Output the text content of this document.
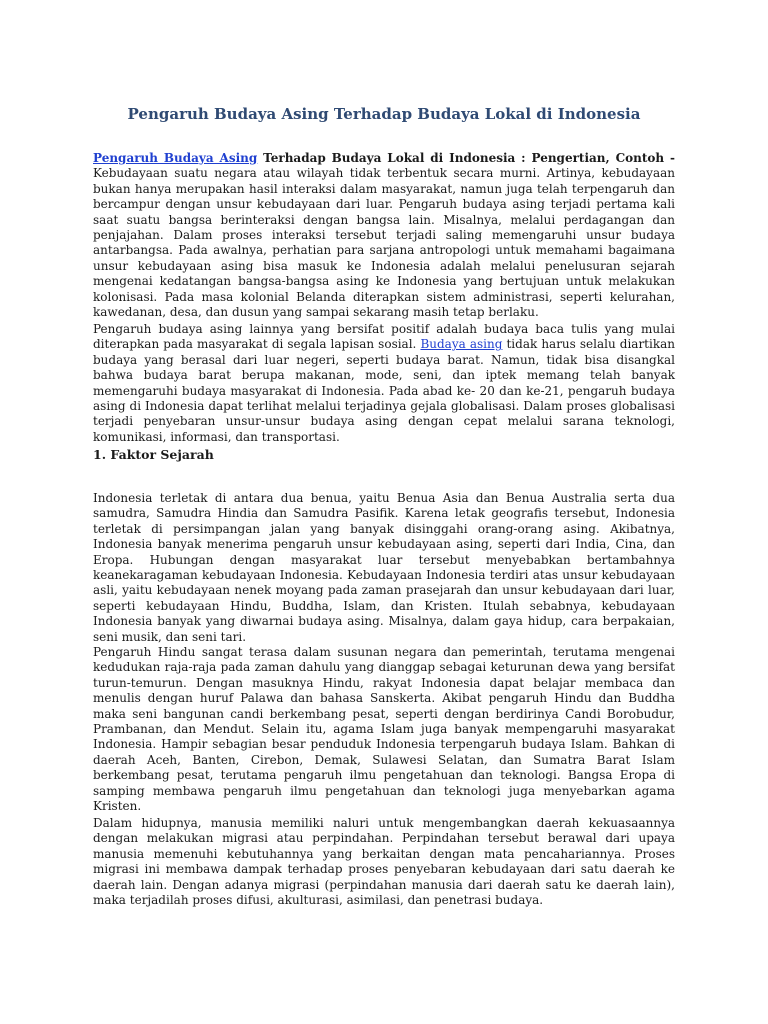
Pengaruh Budaya Asing Terhadap Budaya Lokal di Indonesia

Pengaruh Budaya Asing Terhadap Budaya Lokal di Indonesia : Pengertian, Contoh - Kebudayaan suatu negara atau wilayah tidak terbentuk secara murni. Artinya, kebudayaan bukan hanya merupakan hasil interaksi dalam masyarakat, namun juga telah terpengaruh dan bercampur dengan unsur kebudayaan dari luar. Pengaruh budaya asing terjadi pertama kali saat suatu bangsa berinteraksi dengan bangsa lain. Misalnya, melalui perdagangan dan penjajahan. Dalam proses interaksi tersebut terjadi saling memengaruhi unsur budaya antarbangsa. Pada awalnya, perhatian para sarjana antropologi untuk memahami bagaimana unsur kebudayaan asing bisa masuk ke Indonesia adalah melalui penelusuran sejarah mengenai kedatangan bangsa-bangsa asing ke Indonesia yang bertujuan untuk melakukan kolonisasi. Pada masa kolonial Belanda diterapkan sistem administrasi, seperti kelurahan, kawedanan, desa, dan dusun yang sampai sekarang masih tetap berlaku.

Pengaruh budaya asing lainnya yang bersifat positif adalah budaya baca tulis yang mulai diterapkan pada masyarakat di segala lapisan sosial. Budaya asing tidak harus selalu diartikan budaya yang berasal dari luar negeri, seperti budaya barat. Namun, tidak bisa disangkal bahwa budaya barat berupa makanan, mode, seni, dan iptek memang telah banyak memengaruhi budaya masyarakat di Indonesia. Pada abad ke- 20 dan ke-21, pengaruh budaya asing di Indonesia dapat terlihat melalui terjadinya gejala globalisasi. Dalam proses globalisasi terjadi penyebaran unsur-unsur budaya asing dengan cepat melalui sarana teknologi, komunikasi, informasi, dan transportasi.

1. Faktor Sejarah

Indonesia terletak di antara dua benua, yaitu Benua Asia dan Benua Australia serta dua samudra, Samudra Hindia dan Samudra Pasifik. Karena letak geografis tersebut, Indonesia terletak di persimpangan jalan yang banyak disinggahi orang-orang asing. Akibatnya, Indonesia banyak menerima pengaruh unsur kebudayaan asing, seperti dari India, Cina, dan Eropa. Hubungan dengan masyarakat luar tersebut menyebabkan bertambahnya keanekaragaman kebudayaan Indonesia. Kebudayaan Indonesia terdiri atas unsur kebudayaan asli, yaitu kebudayaan nenek moyang pada zaman prasejarah dan unsur kebudayaan dari luar, seperti kebudayaan Hindu, Buddha, Islam, dan Kristen. Itulah sebabnya, kebudayaan Indonesia banyak yang diwarnai budaya asing. Misalnya, dalam gaya hidup, cara berpakaian, seni musik, dan seni tari.

Pengaruh Hindu sangat terasa dalam susunan negara dan pemerintah, terutama mengenai kedudukan raja-raja pada zaman dahulu yang dianggap sebagai keturunan dewa yang bersifat turun-temurun. Dengan masuknya Hindu, rakyat Indonesia dapat belajar membaca dan menulis dengan huruf Palawa dan bahasa Sanskerta. Akibat pengaruh Hindu dan Buddha maka seni bangunan candi berkembang pesat, seperti dengan berdirinya Candi Borobudur, Prambanan, dan Mendut. Selain itu, agama Islam juga banyak mempengaruhi masyarakat Indonesia. Hampir sebagian besar penduduk Indonesia terpengaruh budaya Islam. Bahkan di daerah Aceh, Banten, Cirebon, Demak, Sulawesi Selatan, dan Sumatra Barat Islam berkembang pesat, terutama pengaruh ilmu pengetahuan dan teknologi. Bangsa Eropa di samping membawa pengaruh ilmu pengetahuan dan teknologi juga menyebarkan agama Kristen.

Dalam hidupnya, manusia memiliki naluri untuk mengembangkan daerah kekuasaannya dengan melakukan migrasi atau perpindahan. Perpindahan tersebut berawal dari upaya manusia memenuhi kebutuhannya yang berkaitan dengan mata pencahariannya. Proses migrasi ini membawa dampak terhadap proses penyebaran kebudayaan dari satu daerah ke daerah lain. Dengan adanya migrasi (perpindahan manusia dari daerah satu ke daerah lain), maka terjadilah proses difusi, akulturasi, asimilasi, dan penetrasi budaya.
